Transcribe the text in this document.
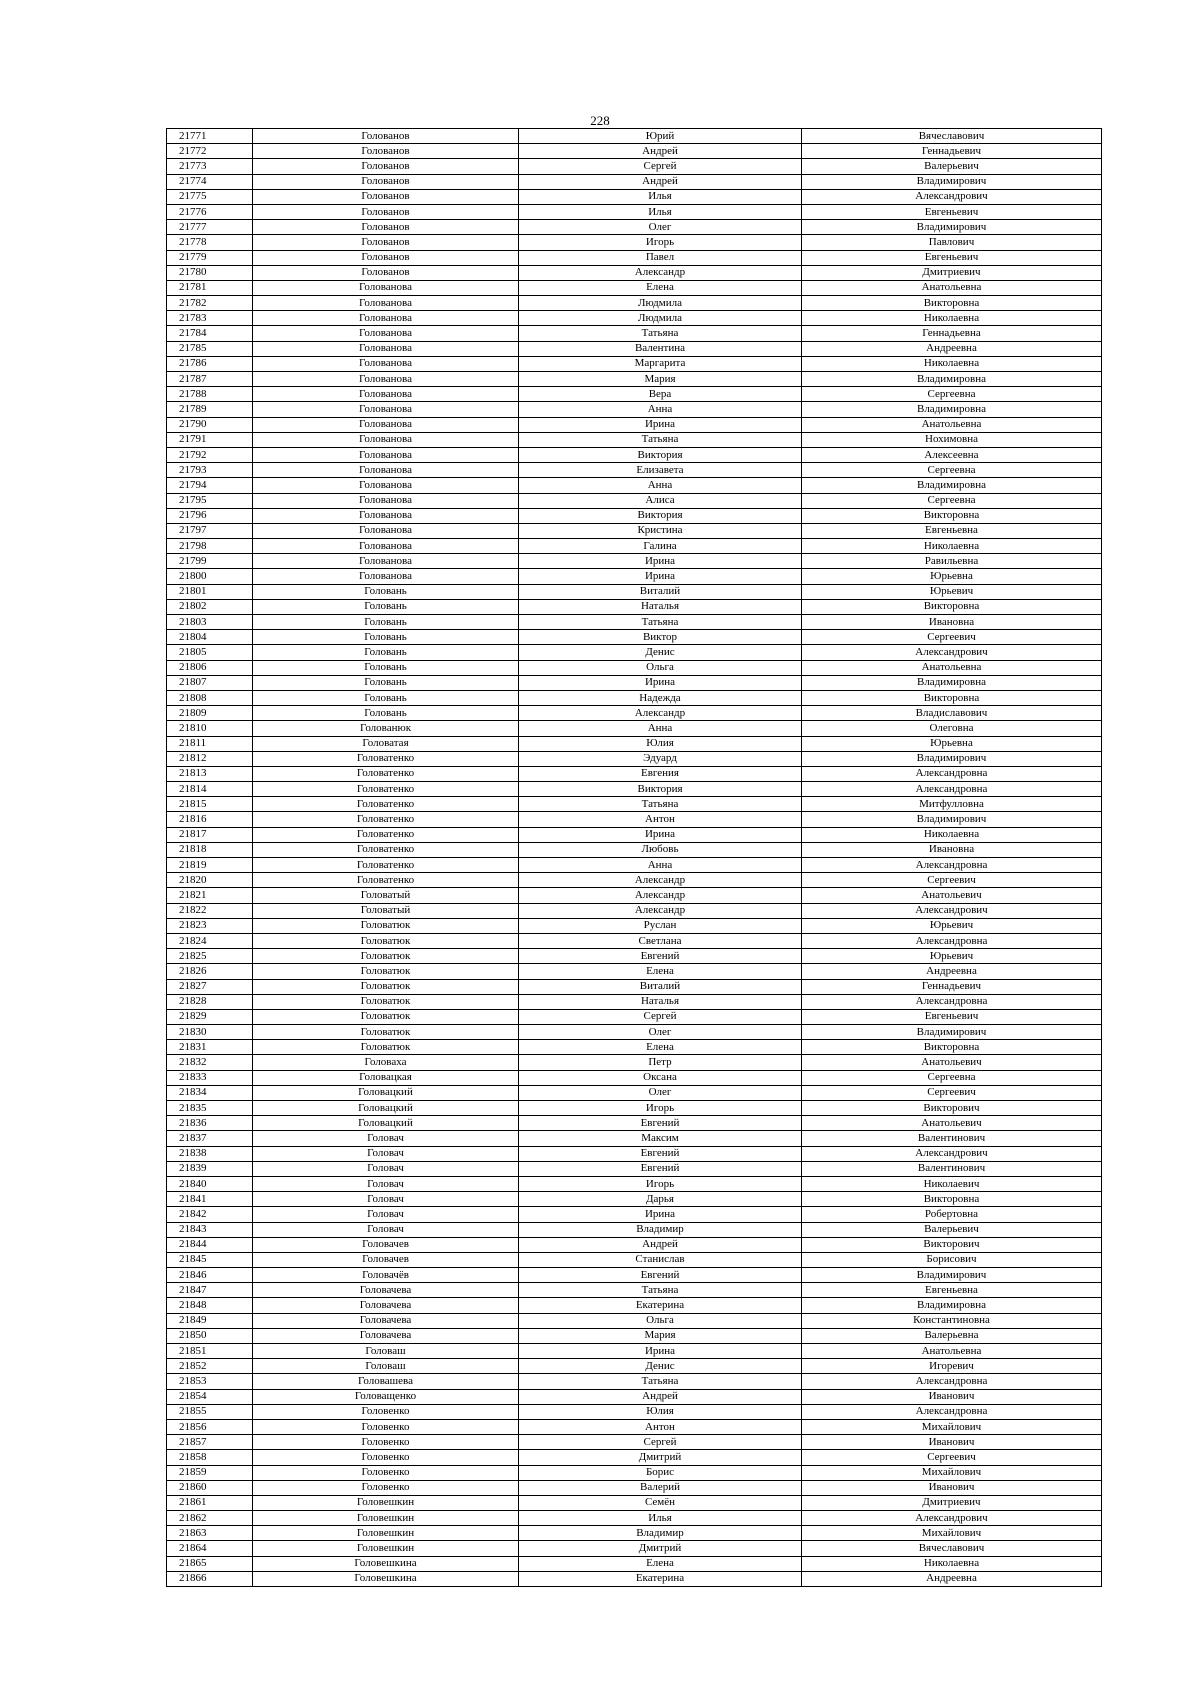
228
21771	Голованов	Юрий	Вячеславович
21772	Голованов	Андрей	Геннадьевич
21773	Голованов	Сергей	Валерьевич
21774	Голованов	Андрей	Владимирович
21775	Голованов	Илья	Александрович
21776	Голованов	Илья	Евгеньевич
21777	Голованов	Олег	Владимирович
21778	Голованов	Игорь	Павлович
21779	Голованов	Павел	Евгеньевич
21780	Голованов	Александр	Дмитриевич
21781	Голованова	Елена	Анатольевна
21782	Голованова	Людмила	Викторовна
21783	Голованова	Людмила	Николаевна
21784	Голованова	Татьяна	Геннадьевна
21785	Голованова	Валентина	Андреевна
21786	Голованова	Маргарита	Николаевна
21787	Голованова	Мария	Владимировна
21788	Голованова	Вера	Сергеевна
21789	Голованова	Анна	Владимировна
21790	Голованова	Ирина	Анатольевна
21791	Голованова	Татьяна	Нохимовна
21792	Голованова	Виктория	Алексеевна
21793	Голованова	Елизавета	Сергеевна
21794	Голованова	Анна	Владимировна
21795	Голованова	Алиса	Сергеевна
21796	Голованова	Виктория	Викторовна
21797	Голованова	Кристина	Евгеньевна
21798	Голованова	Галина	Николаевна
21799	Голованова	Ирина	Равильевна
21800	Голованова	Ирина	Юрьевна
21801	Головань	Виталий	Юрьевич
21802	Головань	Наталья	Викторовна
21803	Головань	Татьяна	Ивановна
21804	Головань	Виктор	Сергеевич
21805	Головань	Денис	Александрович
21806	Головань	Ольга	Анатольевна
21807	Головань	Ирина	Владимировна
21808	Головань	Надежда	Викторовна
21809	Головань	Александр	Владиславович
21810	Голованюк	Анна	Олеговна
21811	Головатая	Юлия	Юрьевна
21812	Головатенко	Эдуард	Владимирович
21813	Головатенко	Евгения	Александровна
21814	Головатенко	Виктория	Александровна
21815	Головатенко	Татьяна	Митфулловна
21816	Головатенко	Антон	Владимирович
21817	Головатенко	Ирина	Николаевна
21818	Головатенко	Любовь	Ивановна
21819	Головатенко	Анна	Александровна
21820	Головатенко	Александр	Сергеевич
21821	Головатый	Александр	Анатольевич
21822	Головатый	Александр	Александрович
21823	Головатюк	Руслан	Юрьевич
21824	Головатюк	Светлана	Александровна
21825	Головатюк	Евгений	Юрьевич
21826	Головатюк	Елена	Андреевна
21827	Головатюк	Виталий	Геннадьевич
21828	Головатюк	Наталья	Александровна
21829	Головатюк	Сергей	Евгеньевич
21830	Головатюк	Олег	Владимирович
21831	Головатюк	Елена	Викторовна
21832	Головаха	Петр	Анатольевич
21833	Головацкая	Оксана	Сергеевна
21834	Головацкий	Олег	Сергеевич
21835	Головацкий	Игорь	Викторович
21836	Головацкий	Евгений	Анатольевич
21837	Головач	Максим	Валентинович
21838	Головач	Евгений	Александрович
21839	Головач	Евгений	Валентинович
21840	Головач	Игорь	Николаевич
21841	Головач	Дарья	Викторовна
21842	Головач	Ирина	Робертовна
21843	Головач	Владимир	Валерьевич
21844	Головачев	Андрей	Викторович
21845	Головачев	Станислав	Борисович
21846	Головачёв	Евгений	Владимирович
21847	Головачева	Татьяна	Евгеньевна
21848	Головачева	Екатерина	Владимировна
21849	Головачева	Ольга	Константиновна
21850	Головачева	Мария	Валерьевна
21851	Головаш	Ирина	Анатольевна
21852	Головаш	Денис	Игоревич
21853	Головашева	Татьяна	Александровна
21854	Головащенко	Андрей	Иванович
21855	Головенко	Юлия	Александровна
21856	Головенко	Антон	Михайлович
21857	Головенко	Сергей	Иванович
21858	Головенко	Дмитрий	Сергеевич
21859	Головенко	Борис	Михайлович
21860	Головенко	Валерий	Иванович
21861	Головешкин	Семён	Дмитриевич
21862	Головешкин	Илья	Александрович
21863	Головешкин	Владимир	Михайлович
21864	Головешкин	Дмитрий	Вячеславович
21865	Головешкина	Елена	Николаевна
21866	Головешкина	Екатерина	Андреевна
